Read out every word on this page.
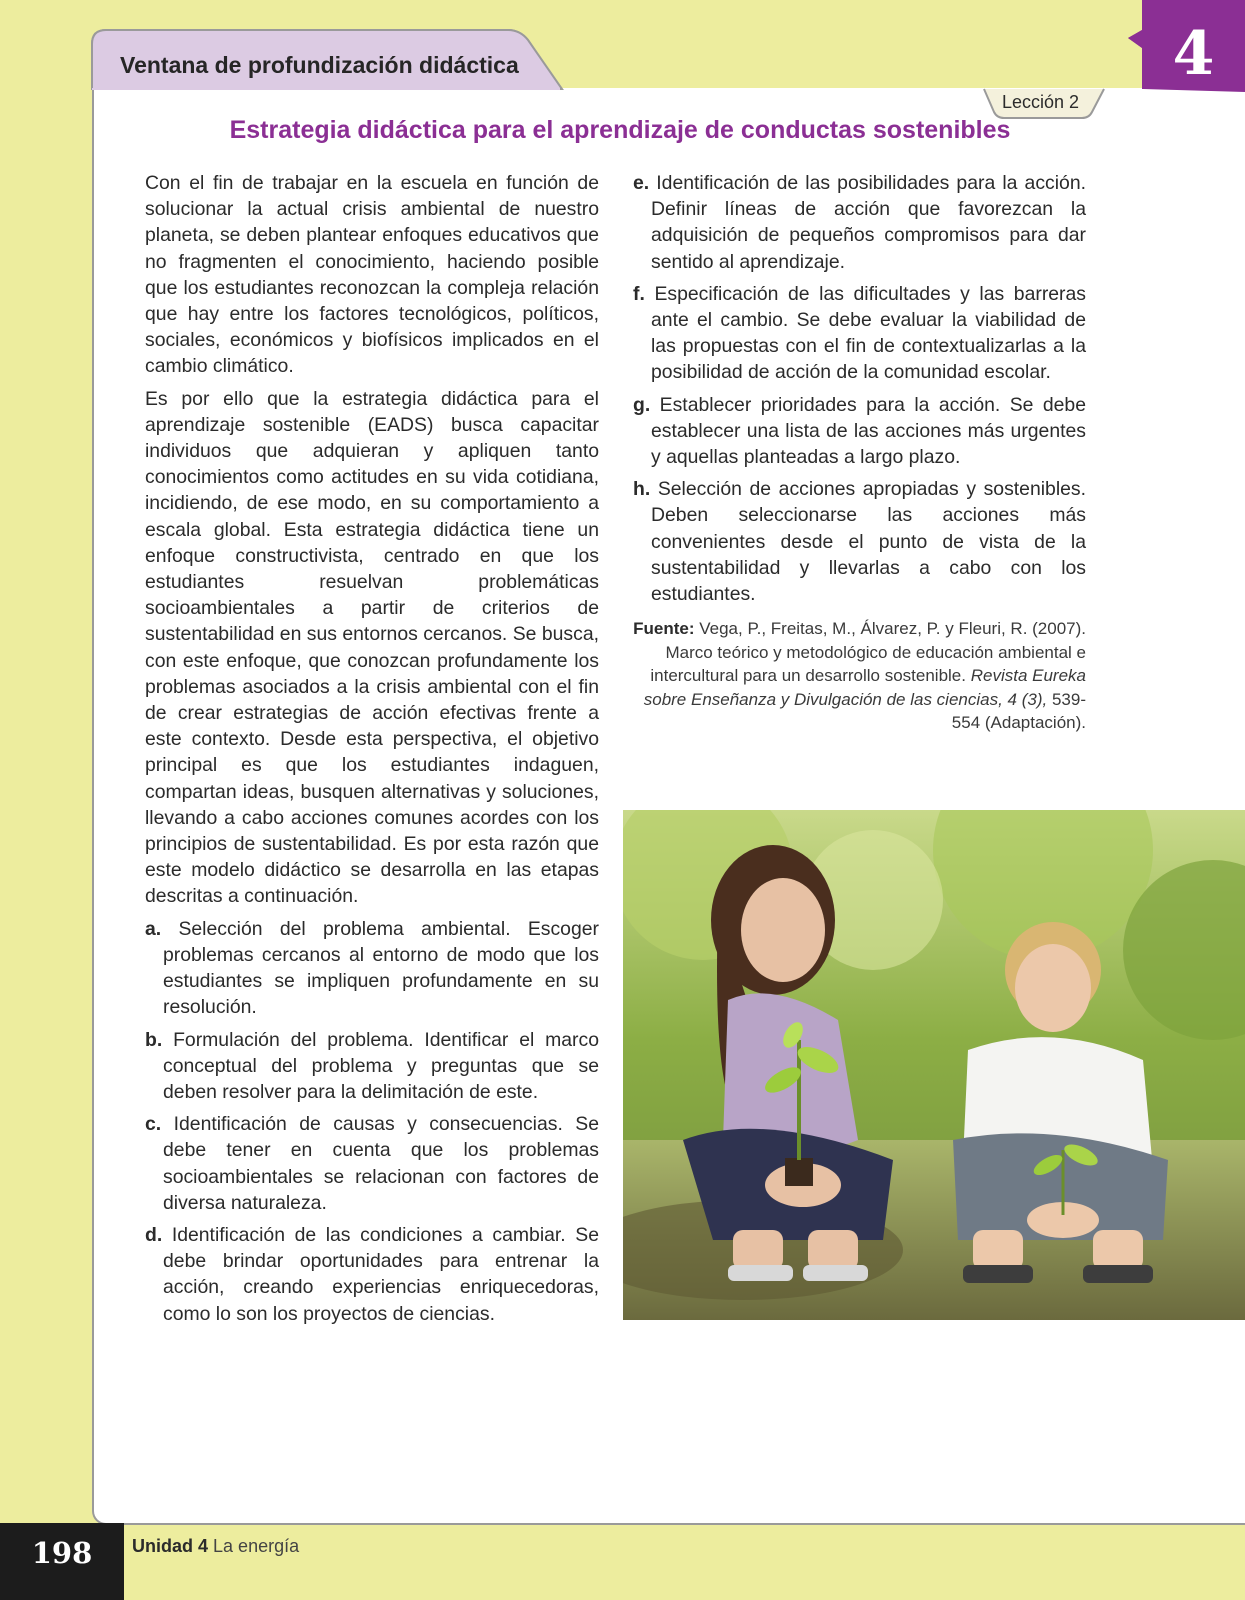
Ventana de profundización didáctica	4
Lección 2
Estrategia didáctica para el aprendizaje de conductas sostenibles

Con el fin de trabajar en la escuela en función de solucionar la actual crisis ambiental de nuestro planeta, se deben plantear enfoques educativos que no fragmenten el conocimiento, haciendo posible que los estudiantes reconozcan la compleja relación que hay entre los factores tecnológicos, políticos, sociales, económicos y biofísicos implicados en el cambio climático.

Es por ello que la estrategia didáctica para el aprendizaje sostenible (EADS) busca capacitar individuos que adquieran y apliquen tanto conocimientos como actitudes en su vida cotidiana, incidiendo, de ese modo, en su comportamiento a escala global. Esta estrategia didáctica tiene un enfoque constructivista, centrado en que los estudiantes resuelvan problemáticas socioambientales a partir de criterios de sustentabilidad en sus entornos cercanos. Se busca, con este enfoque, que conozcan profundamente los problemas asociados a la crisis ambiental con el fin de crear estrategias de acción efectivas frente a este contexto. Desde esta perspectiva, el objetivo principal es que los estudiantes indaguen, compartan ideas, busquen alternativas y soluciones, llevando a cabo acciones comunes acordes con los principios de sustentabilidad. Es por esta razón que este modelo didáctico se desarrolla en las etapas descritas a continuación.

a. Selección del problema ambiental. Escoger problemas cercanos al entorno de modo que los estudiantes se impliquen profundamente en su resolución.
b. Formulación del problema. Identificar el marco conceptual del problema y preguntas que se deben resolver para la delimitación de este.
c. Identificación de causas y consecuencias. Se debe tener en cuenta que los problemas socioambientales se relacionan con factores de diversa naturaleza.
d. Identificación de las condiciones a cambiar. Se debe brindar oportunidades para entrenar la acción, creando experiencias enriquecedoras, como lo son los proyectos de ciencias.
e. Identificación de las posibilidades para la acción. Definir líneas de acción que favorezcan la adquisición de pequeños compromisos para dar sentido al aprendizaje.
f. Especificación de las dificultades y las barreras ante el cambio. Se debe evaluar la viabilidad de las propuestas con el fin de contextualizarlas a la posibilidad de acción de la comunidad escolar.
g. Establecer prioridades para la acción. Se debe establecer una lista de las acciones más urgentes y aquellas planteadas a largo plazo.
h. Selección de acciones apropiadas y sostenibles. Deben seleccionarse las acciones más convenientes desde el punto de vista de la sustentabilidad y llevarlas a cabo con los estudiantes.
Fuente: Vega, P., Freitas, M., Álvarez, P. y Fleuri, R. (2007). Marco teórico y metodológico de educación ambiental e intercultural para un desarrollo sostenible. Revista Eureka sobre Enseñanza y Divulgación de las ciencias, 4 (3), 539-554 (Adaptación).
198	Unidad 4 La energía
